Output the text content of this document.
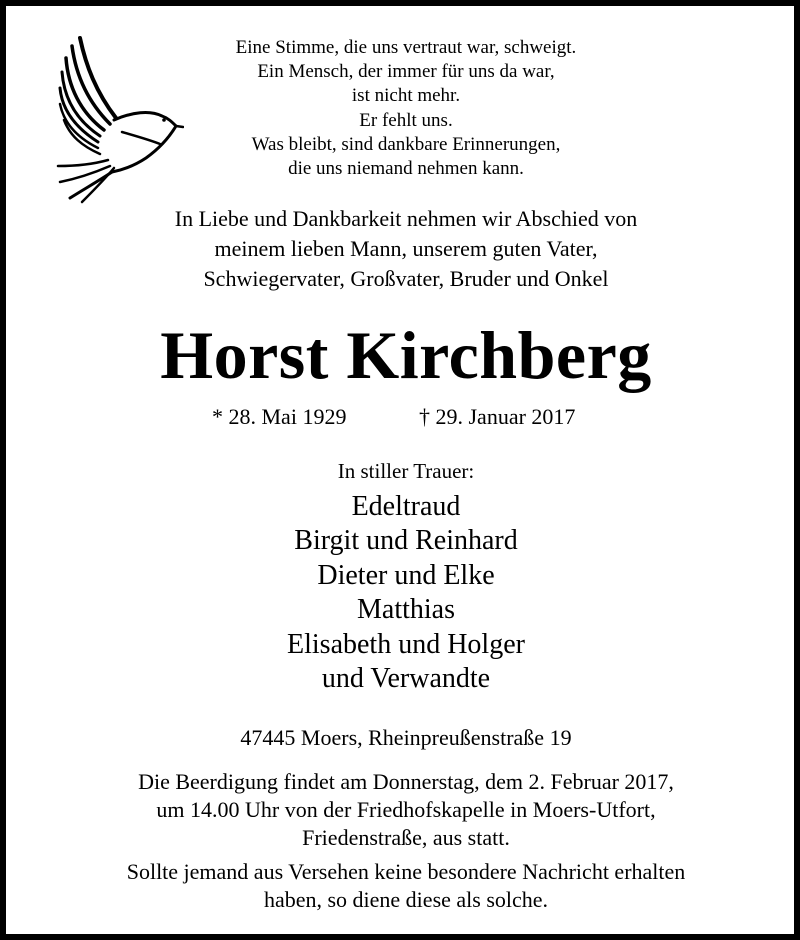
Eine Stimme, die uns vertraut war, schweigt.
Ein Mensch, der immer für uns da war,
ist nicht mehr.
Er fehlt uns.
Was bleibt, sind dankbare Erinnerungen,
die uns niemand nehmen kann.
In Liebe und Dankbarkeit nehmen wir Abschied von
meinem lieben Mann, unserem guten Vater,
Schwiegervater, Großvater, Bruder und Onkel
Horst Kirchberg
* 28. Mai 1929	† 29. Januar 2017
In stiller Trauer:
Edeltraud
Birgit und Reinhard
Dieter und Elke
Matthias
Elisabeth und Holger
und Verwandte
47445 Moers, Rheinpreußenstraße 19
Die Beerdigung findet am Donnerstag, dem 2. Februar 2017,
um 14.00 Uhr von der Friedhofskapelle in Moers-Utfort,
Friedenstraße, aus statt.
Sollte jemand aus Versehen keine besondere Nachricht erhalten
haben, so diene diese als solche.
